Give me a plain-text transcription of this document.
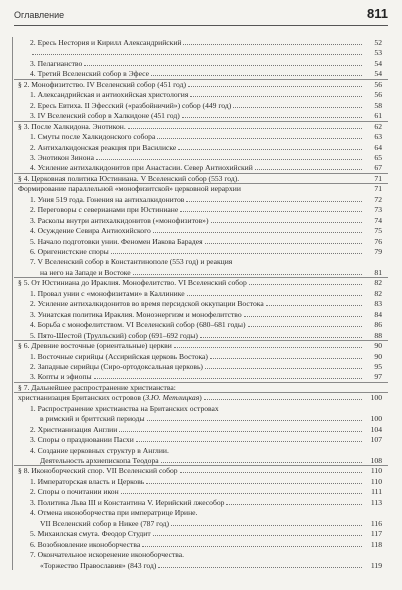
Оглавление	811
2. Ересь Нестория и Кирилл Александрийский	52
53
3. Пелагианство	54
4. Третий Вселенский собор в Эфесе	54
§ 2. Монофизитство. IV Вселенский собор (451 год)	56
1. Александрийская и антиохийская христология	56
2. Ересь Евтиха. II Эфесский («разбойничий») собор (449 год)	58
3. IV Вселенский собор в Халкидоне (451 год)	61
§ 3. После Халкидона. Энотикон.	62
1. Смуты после Халкидонского собора	63
2. Антихалкидонская реакция при Василиске	64
3. Энотикон Зинона	65
4. Усиление антихалкидонитов при Анастасии. Север Антиохийский	67
§ 4. Церковная политика Юстиниана. V Вселенский собор (553 год).	71
Формирование параллельной «монофизитской» церковной иерархии	71
1. Уния 519 года. Гонения на антихалкидонитов	72
2. Переговоры с северианами при Юстиниане	73
3. Расколы внутри антихалкидонитов («монофизитов»)	74
4. Осуждение Севира Антиохийского	75
5. Начало подготовки унии. Феномен Иакова Барадея	76
6. Оригенистские споры	79
7. V Вселенский собор в Константинополе (553 год) и реакция
на него на Западе и Востоке	81
§ 5. От Юстиниана до Ираклия. Монофелитство. VI Вселенский собор	82
1. Провал унии с «монофизитами» в Каллинике	82
2. Усиление антихалкидонитов во время персидской оккупации Востока	83
3. Униатская политика Ираклия. Моноэнергизм и монофелитство	84
4. Борьба с монофелитством. VI Вселенский собор (680–681 годы)	86
5. Пято-Шестой (Трулльский) собор (691–692 годы)	88
§ 6. Древние восточные (ориентальные) церкви	90
1. Восточные сирийцы (Ассирийская церковь Востока)	90
2. Западные сирийцы (Сиро-ортодоксальная церковь)	95
3. Копты и эфиопы	97
§ 7. Дальнейшее распространение христианства:
христианизация Британских островов (З.Ю. Метлицкая)	100
1. Распространение христианства на Британских островах
в римский и бриттский периоды	100
2. Христианизация Англии	104
3. Споры о праздновании Пасхи	107
4. Создание церковных структур в Англии.
Деятельность архиепископа Теодора	108
§ 8. Иконоборческий спор. VII Вселенский собор	110
1. Императорская власть и Церковь	110
2. Споры о почитании икон	111
3. Политика Льва III и Константина V. Иерийский лжесобор	113
4. Отмена иконоборчества при императрице Ирине.
VII Вселенский собор в Никее (787 год)	116
5. Михаилская смута. Феодор Студит	117
6. Возобновление иконоборчества	118
7. Окончательное искоренение иконоборчества.
«Торжество Православия» (843 год)	119
